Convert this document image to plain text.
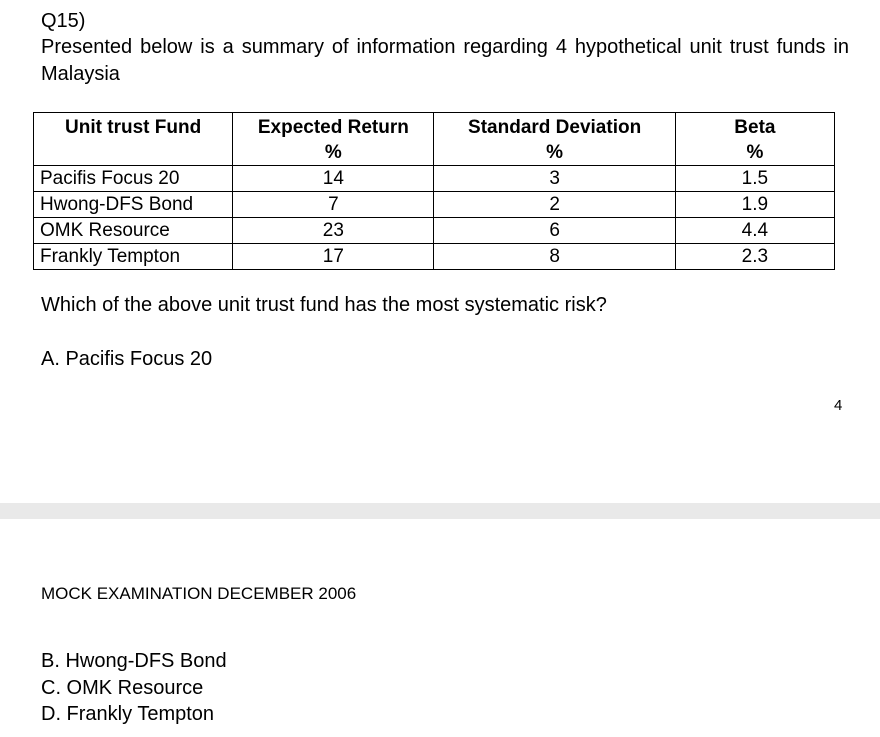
Q15)
Presented below is a summary of information regarding 4 hypothetical unit trust funds in Malaysia
Unit trust Fund	Expected Return	Standard Deviation	Beta
	%	%	%
Pacifis Focus 20	14	3	1.5
Hwong-DFS Bond	7	2	1.9
OMK Resource	23	6	4.4
Frankly Tempton	17	8	2.3
Which of the above unit trust fund has the most systematic risk?
A. Pacifis Focus 20
4
MOCK EXAMINATION DECEMBER 2006
B. Hwong-DFS Bond
C. OMK Resource
D. Frankly Tempton
